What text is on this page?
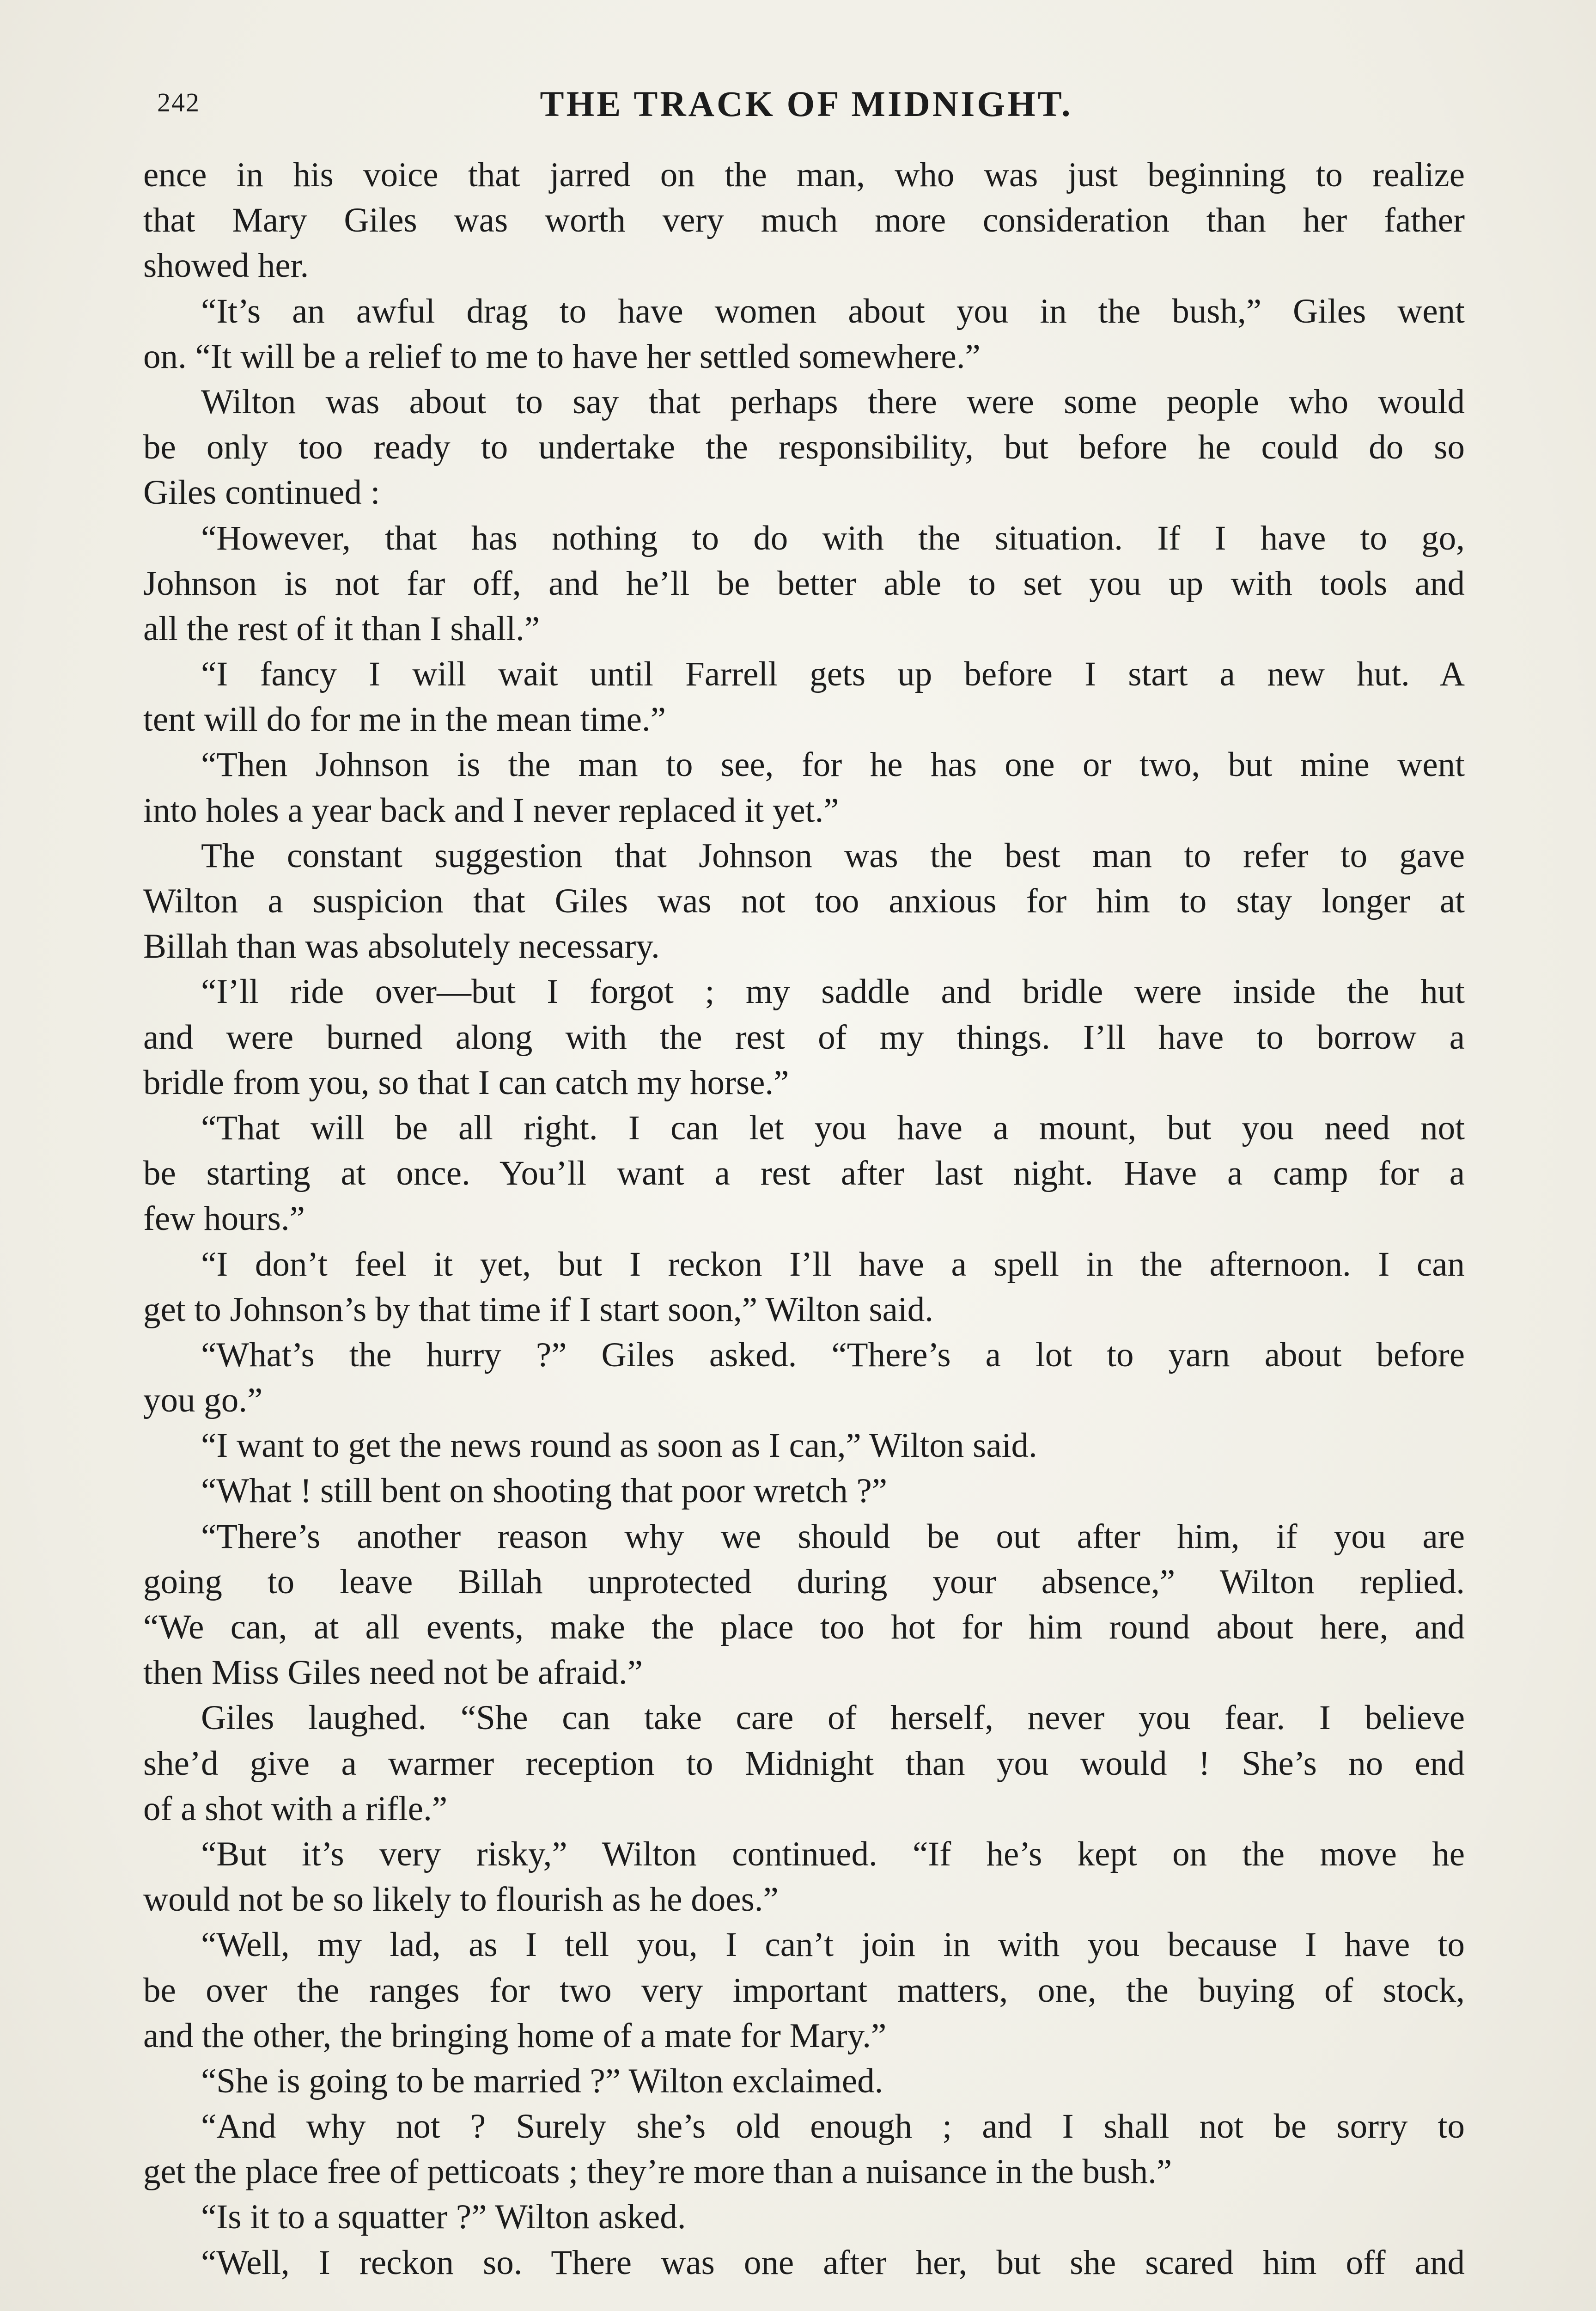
242	THE TRACK OF MIDNIGHT.
ence in his voice that jarred on the man, who was just beginning to realize
that Mary Giles was worth very much more consideration than her father
showed her.
“It’s an awful drag to have women about you in the bush,” Giles went
on. “It will be a relief to me to have her settled somewhere.”
Wilton was about to say that perhaps there were some people who would
be only too ready to undertake the responsibility, but before he could do so
Giles continued :
“However, that has nothing to do with the situation. If I have to go,
Johnson is not far off, and he’ll be better able to set you up with tools and
all the rest of it than I shall.”
“I fancy I will wait until Farrell gets up before I start a new hut. A
tent will do for me in the mean time.”
“Then Johnson is the man to see, for he has one or two, but mine went
into holes a year back and I never replaced it yet.”
The constant suggestion that Johnson was the best man to refer to gave
Wilton a suspicion that Giles was not too anxious for him to stay longer at
Billah than was absolutely necessary.
“I’ll ride over—but I forgot ; my saddle and bridle were inside the hut
and were burned along with the rest of my things. I’ll have to borrow a
bridle from you, so that I can catch my horse.”
“That will be all right. I can let you have a mount, but you need not
be starting at once. You’ll want a rest after last night. Have a camp for a
few hours.”
“I don’t feel it yet, but I reckon I’ll have a spell in the afternoon. I can
get to Johnson’s by that time if I start soon,” Wilton said.
“What’s the hurry ?” Giles asked. “There’s a lot to yarn about before
you go.”
“I want to get the news round as soon as I can,” Wilton said.
“What ! still bent on shooting that poor wretch ?”
“There’s another reason why we should be out after him, if you are
going to leave Billah unprotected during your absence,” Wilton replied.
“We can, at all events, make the place too hot for him round about here, and
then Miss Giles need not be afraid.”
Giles laughed. “She can take care of herself, never you fear. I believe
she’d give a warmer reception to Midnight than you would ! She’s no end
of a shot with a rifle.”
“But it’s very risky,” Wilton continued. “If he’s kept on the move he
would not be so likely to flourish as he does.”
“Well, my lad, as I tell you, I can’t join in with you because I have to
be over the ranges for two very important matters, one, the buying of stock,
and the other, the bringing home of a mate for Mary.”
“She is going to be married ?” Wilton exclaimed.
“And why not ? Surely she’s old enough ; and I shall not be sorry to
get the place free of petticoats ; they’re more than a nuisance in the bush.”
“Is it to a squatter ?” Wilton asked.
“Well, I reckon so. There was one after her, but she scared him off and
